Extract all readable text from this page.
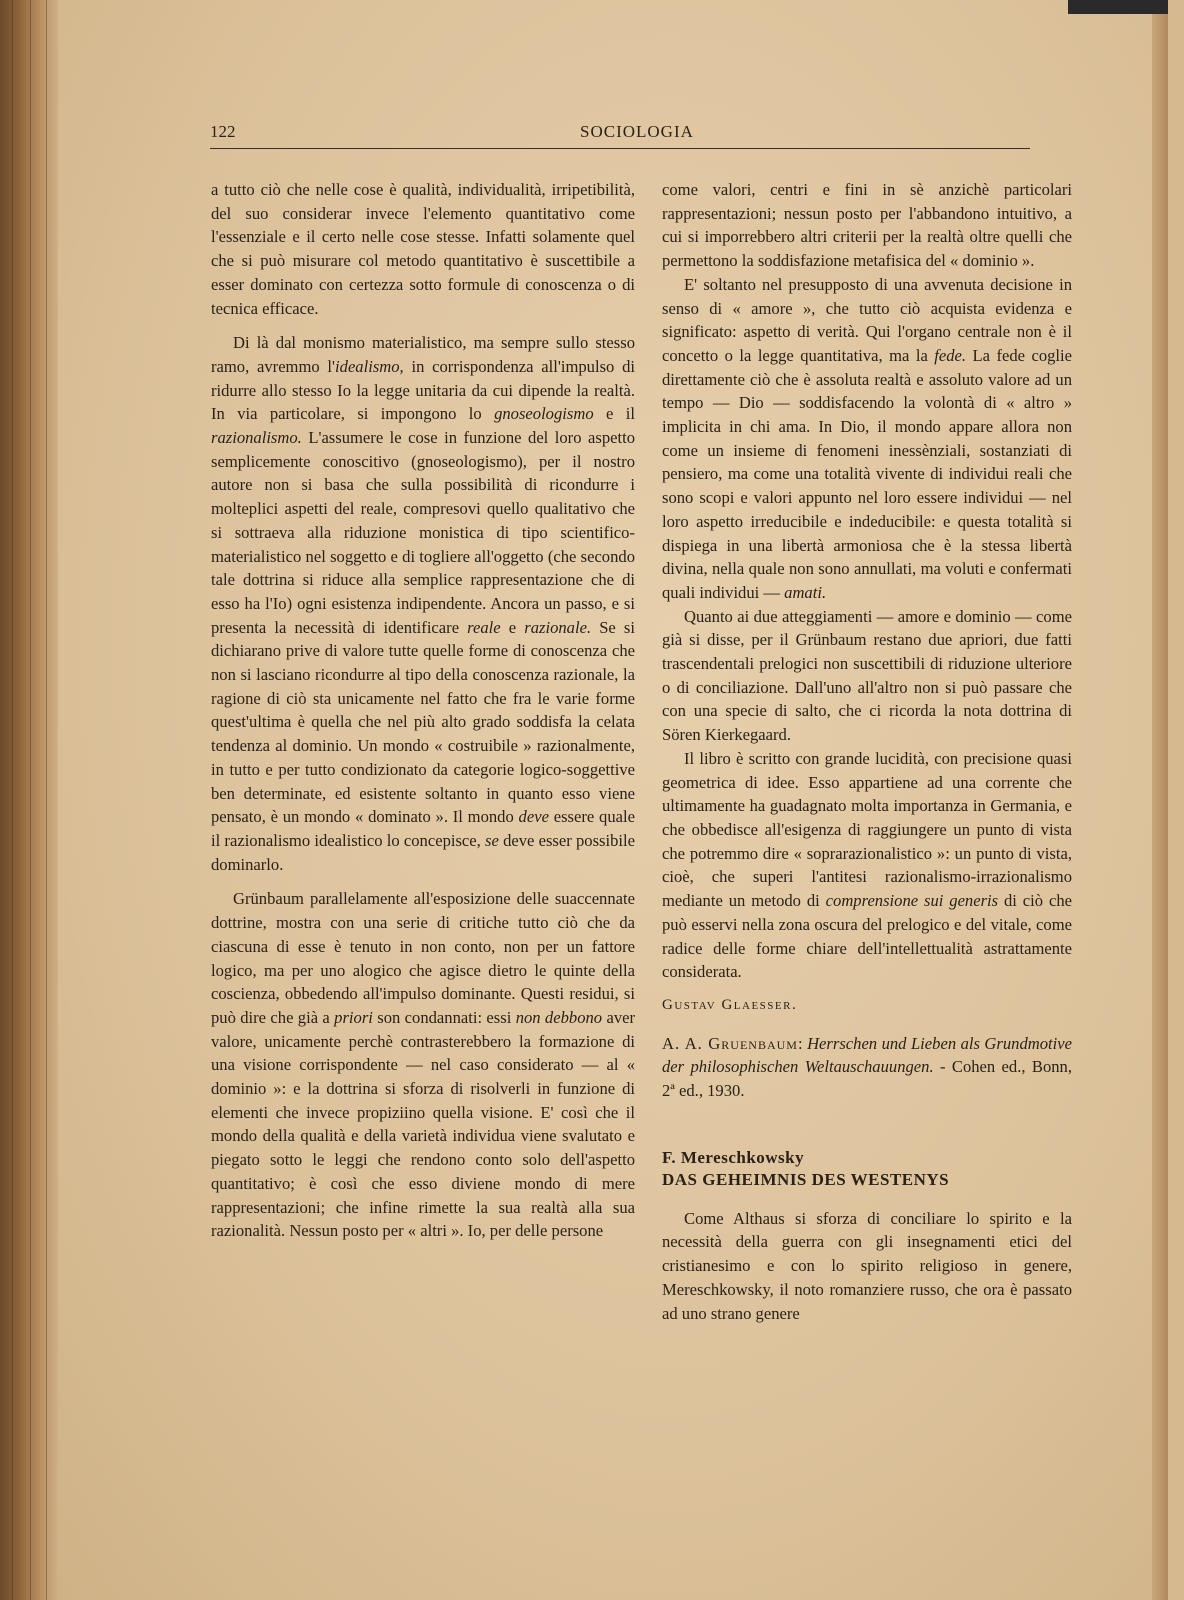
122	SOCIOLOGIA

a tutto ciò che nelle cose è qualità, individualità, irripetibilità, del suo considerar invece l'elemento quantitativo come l'essenziale e il certo nelle cose stesse. Infatti solamente quel che si può misurare col metodo quantitativo è suscettibile a esser dominato con certezza sotto formule di conoscenza o di tecnica efficace.

Di là dal monismo materialistico, ma sempre sullo stesso ramo, avremmo l'idealismo, in corrispondenza all'impulso di ridurre allo stesso Io la legge unitaria da cui dipende la realtà. In via particolare, si impongono lo gnoseologismo e il razionalismo. L'assumere le cose in funzione del loro aspetto semplicemente conoscitivo (gnoseologismo), per il nostro autore non si basa che sulla possibilità di ricondurre i molteplici aspetti del reale, compresovi quello qualitativo che si sottraeva alla riduzione monistica di tipo scientifico-materialistico nel soggetto e di togliere all'oggetto (che secondo tale dottrina si riduce alla semplice rappresentazione che di esso ha l'Io) ogni esistenza indipendente. Ancora un passo, e si presenta la necessità di identificare reale e razionale. Se si dichiarano prive di valore tutte quelle forme di conoscenza che non si lasciano ricondurre al tipo della conoscenza razionale, la ragione di ciò sta unicamente nel fatto che fra le varie forme quest'ultima è quella che nel più alto grado soddisfa la celata tendenza al dominio. Un mondo « costruibile » razionalmente, in tutto e per tutto condizionato da categorie logico-soggettive ben determinate, ed esistente soltanto in quanto esso viene pensato, è un mondo « dominato ». Il mondo deve essere quale il razionalismo idealistico lo concepisce, se deve esser possibile dominarlo.

Grünbaum parallelamente all'esposizione delle suaccennate dottrine, mostra con una serie di critiche tutto ciò che da ciascuna di esse è tenuto in non conto, non per un fattore logico, ma per uno alogico che agisce dietro le quinte della coscienza, obbedendo all'impulso dominante. Questi residui, si può dire che già a priori son condannati: essi non debbono aver valore, unicamente perchè contrasterebbero la formazione di una visione corrispondente — nel caso considerato — al « dominio »: e la dottrina si sforza di risolverli in funzione di elementi che invece propiziino quella visione. E' così che il mondo della qualità e della varietà individua viene svalutato e piegato sotto le leggi che rendono conto solo dell'aspetto quantitativo; è così che esso diviene mondo di mere rappresentazioni; che infine rimette la sua realtà alla sua razionalità. Nessun posto per « altri ». Io, per delle persone

come valori, centri e fini in sè anzichè particolari rappresentazioni; nessun posto per l'abbandono intuitivo, a cui si imporrebbero altri criterii per la realtà oltre quelli che permettono la soddisfazione metafisica del « dominio ».

E' soltanto nel presupposto di una avvenuta decisione in senso di « amore », che tutto ciò acquista evidenza e significato: aspetto di verità. Qui l'organo centrale non è il concetto o la legge quantitativa, ma la fede. La fede coglie direttamente ciò che è assoluta realtà e assoluto valore ad un tempo — Dio — soddisfacendo la volontà di « altro » implicita in chi ama. In Dio, il mondo appare allora non come un insieme di fenomeni inessènziali, sostanziati di pensiero, ma come una totalità vivente di individui reali che sono scopi e valori appunto nel loro essere individui — nel loro aspetto irreducibile e indeducibile: e questa totalità si dispiega in una libertà armoniosa che è la stessa libertà divina, nella quale non sono annullati, ma voluti e confermati quali individui — amati.

Quanto ai due atteggiamenti — amore e dominio — come già si disse, per il Grünbaum restano due apriori, due fatti trascendentali prelogici non suscettibili di riduzione ulteriore o di conciliazione. Dall'uno all'altro non si può passare che con una specie di salto, che ci ricorda la nota dottrina di Sören Kierkegaard.

Il libro è scritto con grande lucidità, con precisione quasi geometrica di idee. Esso appartiene ad una corrente che ultimamente ha guadagnato molta importanza in Germania, e che obbedisce all'esigenza di raggiungere un punto di vista che potremmo dire « soprarazionalistico »: un punto di vista, cioè, che superi l'antitesi razionalismo-irrazionalismo mediante un metodo di comprensione sui generis di ciò che può esservi nella zona oscura del prelogico e del vitale, come radice delle forme chiare dell'intellettualità astrattamente considerata.

Gustav Glaesser.

A. A. Gruenbaum: Herrschen und Lieben als Grundmotive der philosophischen Weltauschauungen. - Cohen ed., Bonn, 2ª ed., 1930.

F. Mereschkowsky
DAS GEHEIMNIS DES WESTENYS

Come Althaus si sforza di conciliare lo spirito e la necessità della guerra con gli insegnamenti etici del cristianesimo e con lo spirito religioso in genere, Mereschkowsky, il noto romanziere russo, che ora è passato ad uno strano genere
